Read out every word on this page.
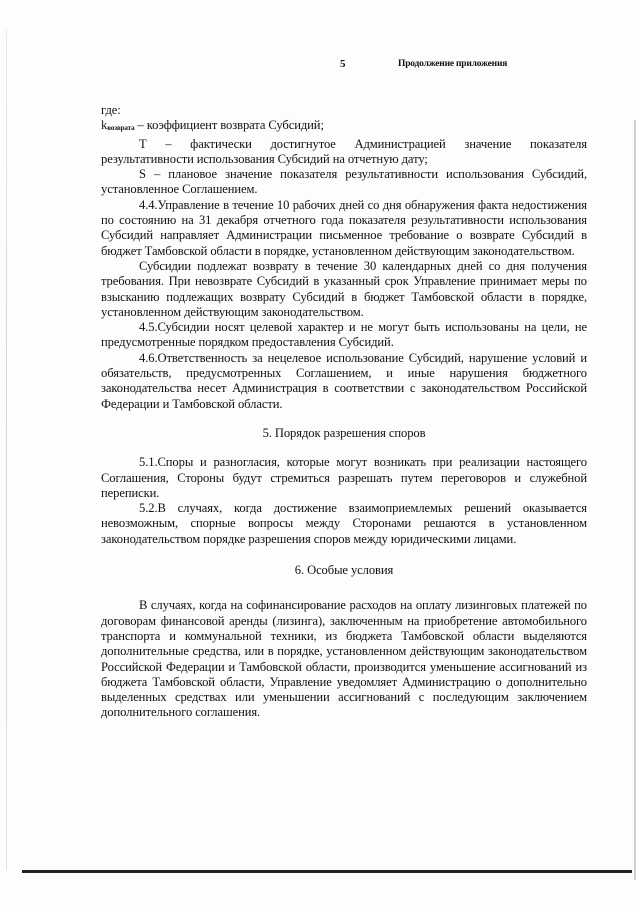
5	Продолжение приложения

где:

kвозврата – коэффициент возврата Субсидий;

Т – фактически достигнутое Администрацией значение показателя результативности использования Субсидий на отчетную дату;

S – плановое значение показателя результативности использования Субсидий, установленное Соглашением.

4.4.Управление в течение 10 рабочих дней со дня обнаружения факта недостижения по состоянию на 31 декабря отчетного года показателя результативности использования Субсидий направляет Администрации письменное требование о возврате Субсидий в бюджет Тамбовской области в порядке, установленном действующим законодательством.

Субсидии подлежат возврату в течение 30 календарных дней со дня получения требования. При невозврате Субсидий в указанный срок Управление принимает меры по взысканию подлежащих возврату Субсидий в бюджет Тамбовской области в порядке, установленном действующим законодательством.

4.5.Субсидии носят целевой характер и не могут быть использованы на цели, не предусмотренные порядком предоставления Субсидий.

4.6.Ответственность за нецелевое использование Субсидий, нарушение условий и обязательств, предусмотренных Соглашением, и иные нарушения бюджетного законодательства несет Администрация в соответствии с законодательством Российской Федерации и Тамбовской области.

5. Порядок разрешения споров

5.1.Споры и разногласия, которые могут возникать при реализации настоящего Соглашения, Стороны будут стремиться разрешать путем переговоров и служебной переписки.

5.2.В случаях, когда достижение взаимоприемлемых решений оказывается невозможным, спорные вопросы между Сторонами решаются в установленном законодательством порядке разрешения споров между юридическими лицами.

6. Особые условия

В случаях, когда на софинансирование расходов на оплату лизинговых платежей по договорам финансовой аренды (лизинга), заключенным на приобретение автомобильного транспорта и коммунальной техники, из бюджета Тамбовской области выделяются дополнительные средства, или в порядке, установленном действующим законодательством Российской Федерации и Тамбовской области, производится уменьшение ассигнований из бюджета Тамбовской области, Управление уведомляет Администрацию о дополнительно выделенных средствах или уменьшении ассигнований с последующим заключением дополнительного соглашения.
